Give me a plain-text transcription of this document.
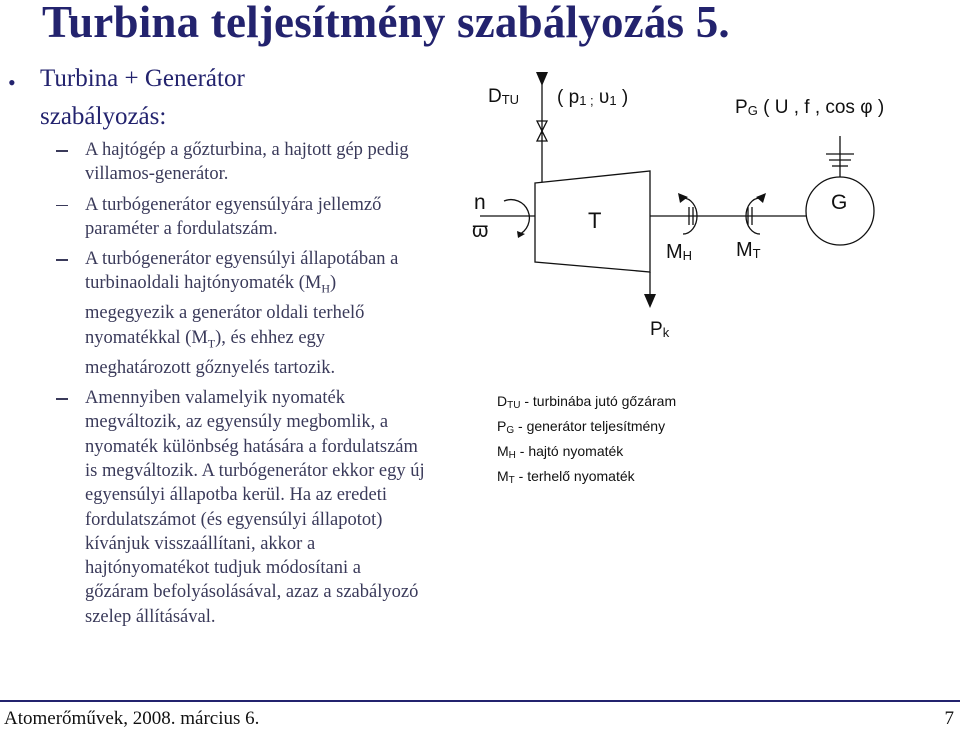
Turbina teljesítmény szabályozás 5.
• Turbina + Generátor
szabályozás:
A hajtógép a gőzturbina, a hajtott gép pedig villamos-generátor.
A turbógenerátor egyensúlyára jellemző paraméter a fordulatszám.
A turbógenerátor egyensúlyi állapotában a turbinaoldali hajtónyomaték $(M_H)$ megegyezik a generátor oldali terhelő nyomatékkal $(M_T)$, és ehhez egy meghatározott gőznyelés tartozik.
Amennyiben valamelyik nyomaték megváltozik, az egyensúly megbomlik, a nyomaték különbség hatására a fordulatszám is megváltozik. A turbógenerátor ekkor egy új egyensúlyi állapotba kerül. Ha az eredeti fordulatszámot (és egyensúlyi állapotot) kívánjuk visszaállítani, akkor a hajtónyomatékot tudjuk módosítani a gőzáram befolyásolásával, azaz a szabályozó szelep állításával.
$D_{TU}$ ( $p_{1 ;}$ $\upsilon_1$ )	$P_G$ ( U , f , cos φ )
n
ϖ	T
$M_H$ $M_T$
G
$P_k$
$D_{TU}$ - turbinába jutó gőzáram
$P_G$ - generátor teljesítmény
$M_H$ - hajtó nyomaték
$M_T$ - terhelő nyomaték
Atomerőművek, 2008. március 6.	7
